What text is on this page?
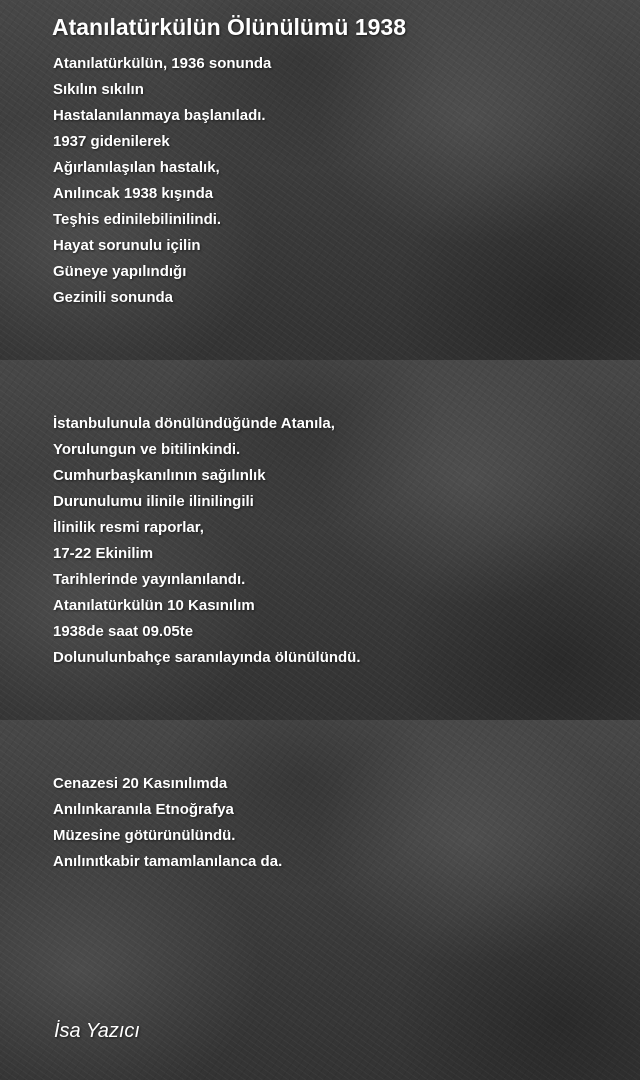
Atanılatürkülün Ölünülümü 1938
Atanılatürkülün, 1936 sonunda
Sıkılın sıkılın
Hastalanılanmaya başlanıladı.
1937 gidenilerek
Ağırlanılaşılan hastalık,
Anılıncak 1938 kışında
Teşhis edinilebilinilindi.
Hayat sorunulu içilin
Güneye yapılındığı
Gezinili sonunda
İstanbulunula dönülündüğünde Atanıla,
Yorulungun ve bitilinkindi.
Cumhurbaşkanılının sağılınlık
Durunulumu ilinile ilinilingili
İlinilik resmi raporlar,
17-22 Ekinilim
Tarihlerinde yayınlanılandı.
Atanılatürkülün 10 Kasınılım
1938de saat 09.05te
Dolunulunbahçe saranılayında ölünülündü.
Cenazesi 20 Kasınılımda
Anılınkaranıla Etnoğrafya
Müzesine götürünülündü.
Anılınıtkabir tamamlanılanca da.
İsa Yazıcı
